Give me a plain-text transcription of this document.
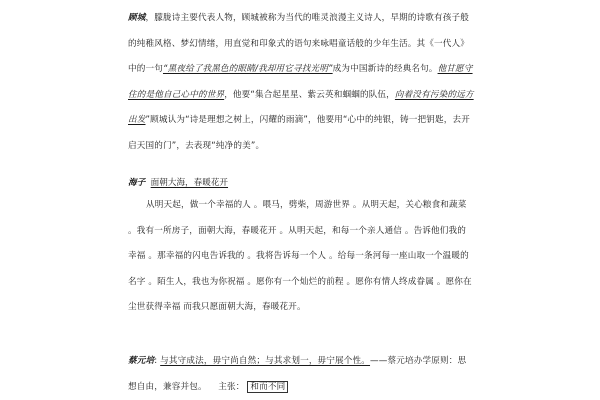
顾城，朦胧诗主要代表人物，顾城被称为当代的唯灵浪漫主义诗人，早期的诗歌有孩子般的纯稚风格、梦幻情绪，用直觉和印象式的语句来咏唱童话般的少年生活。其《一代人》中的一句“黑夜给了我黑色的眼睛/我却用它寻找光明”成为中国新诗的经典名句。他甘愿守住的是他自己心中的世界，他要“集合起星星、紫云英和蝈蝈的队伍，向着没有污染的远方出发”顾城认为“诗是理想之树上，闪耀的雨滴”，他要用“心中的纯银，铸一把钥匙，去开启天国的门”，去表现“纯净的美”。
海子 面朝大海，春暖花开
从明天起，做一个幸福的人 。喂马，劈柴，周游世界 。从明天起，关心粮食和蔬菜 。我有一所房子，面朝大海，春暖花开 。从明天起，和每一个亲人通信 。告诉他们我的幸福 。那幸福的闪电告诉我的 。我将告诉每一个人 。给每一条河每一座山取一个温暖的名字 。陌生人，我也为你祝福 。愿你有一个灿烂的前程 。愿你有情人终成眷属 。愿你在尘世获得幸福 而我只愿面朝大海，春暖花开。
蔡元培: 与其守成法，毋宁尚自然；与其求划一，毋宁展个性。——蔡元培办学原则：思想自由，兼容并包。 主张： 和而不同
